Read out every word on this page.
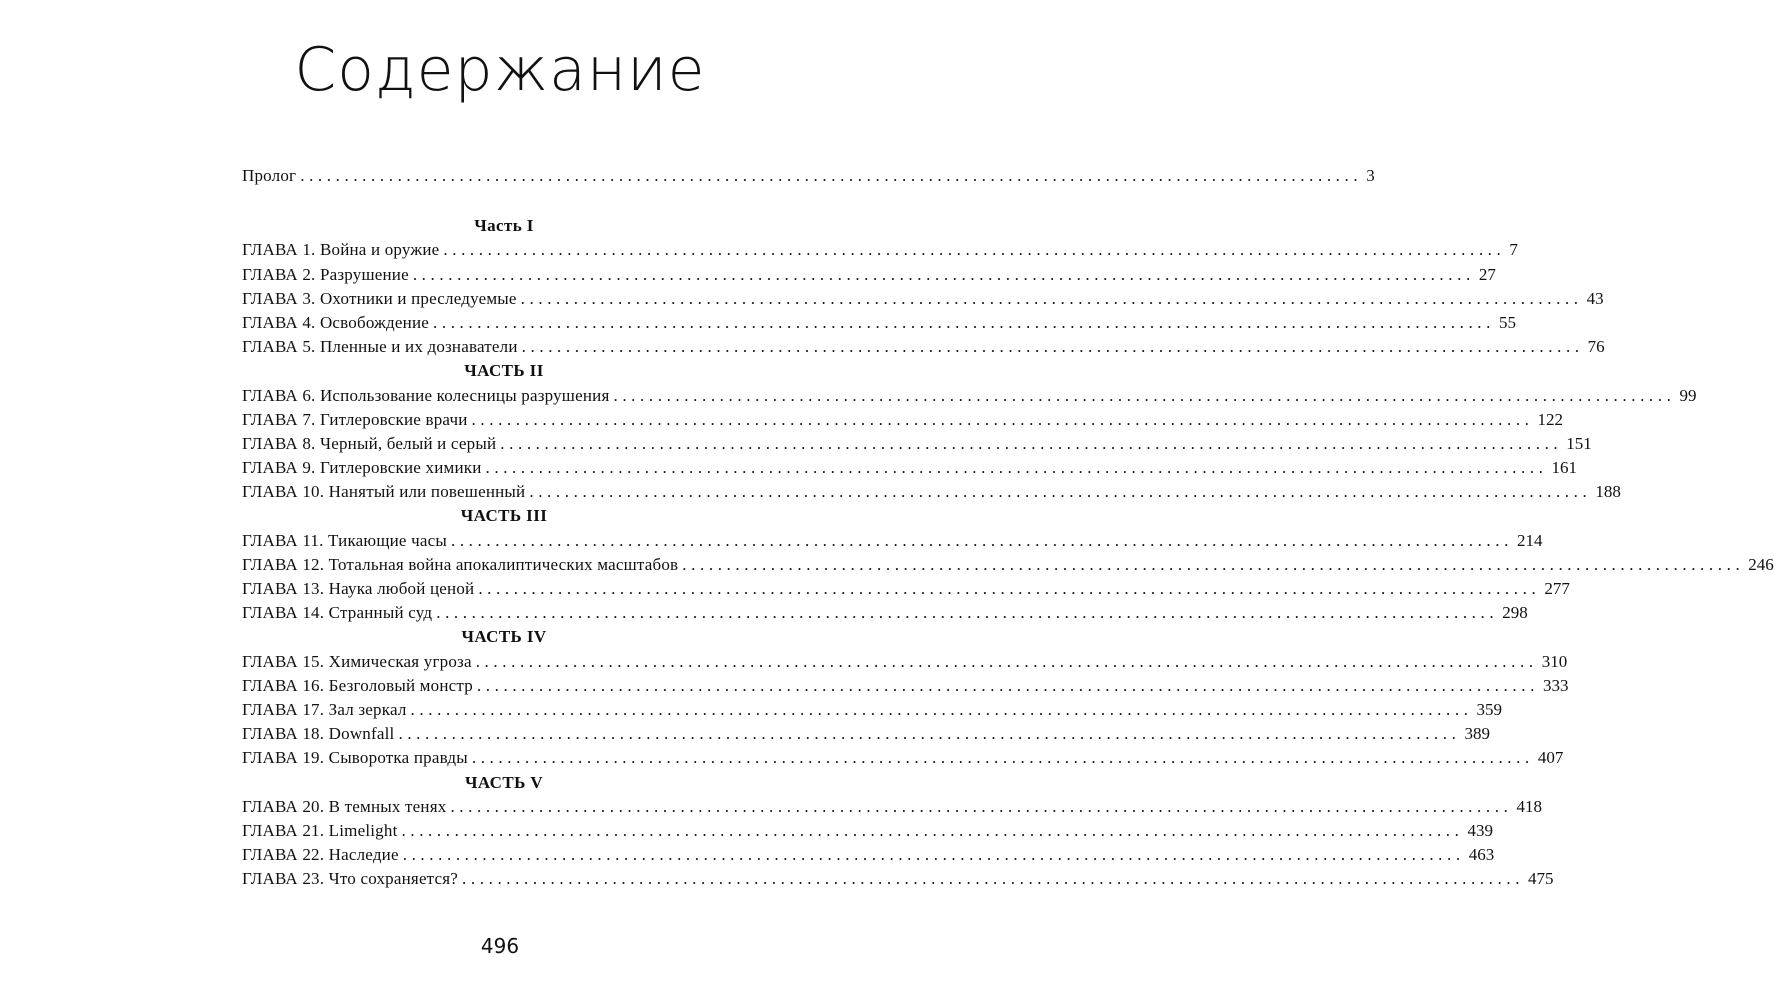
Содержание
Пролог ........................................................................................................................ 3
Часть I
ГЛАВА 1. Война и оружие ........................................................................................................................ 7
ГЛАВА 2. Разрушение ........................................................................................................................ 27
ГЛАВА 3. Охотники и преследуемые ........................................................................................................................ 43
ГЛАВА 4. Освобождение ........................................................................................................................ 55
ГЛАВА 5. Пленные и их дознаватели ........................................................................................................................ 76
ЧАСТЬ II
ГЛАВА 6. Использование колесницы разрушения ........................................................................................................................ 99
ГЛАВА 7. Гитлеровские врачи ........................................................................................................................ 122
ГЛАВА 8. Черный, белый и серый ........................................................................................................................ 151
ГЛАВА 9. Гитлеровские химики ........................................................................................................................ 161
ГЛАВА 10. Нанятый или повешенный ........................................................................................................................ 188
ЧАСТЬ III
ГЛАВА 11. Тикающие часы ........................................................................................................................ 214
ГЛАВА 12. Тотальная война апокалиптических масштабов ........................................................................................................................ 246
ГЛАВА 13. Наука любой ценой ........................................................................................................................ 277
ГЛАВА 14. Странный суд ........................................................................................................................ 298
ЧАСТЬ IV
ГЛАВА 15. Химическая угроза ........................................................................................................................ 310
ГЛАВА 16. Безголовый монстр ........................................................................................................................ 333
ГЛАВА 17. Зал зеркал ........................................................................................................................ 359
ГЛАВА 18. Downfall ........................................................................................................................ 389
ГЛАВА 19. Сыворотка правды ........................................................................................................................ 407
ЧАСТЬ V
ГЛАВА 20. В темных тенях ........................................................................................................................ 418
ГЛАВА 21. Limelight ........................................................................................................................ 439
ГЛАВА 22. Наследие ........................................................................................................................ 463
ГЛАВА 23. Что сохраняется? ........................................................................................................................ 475
496
